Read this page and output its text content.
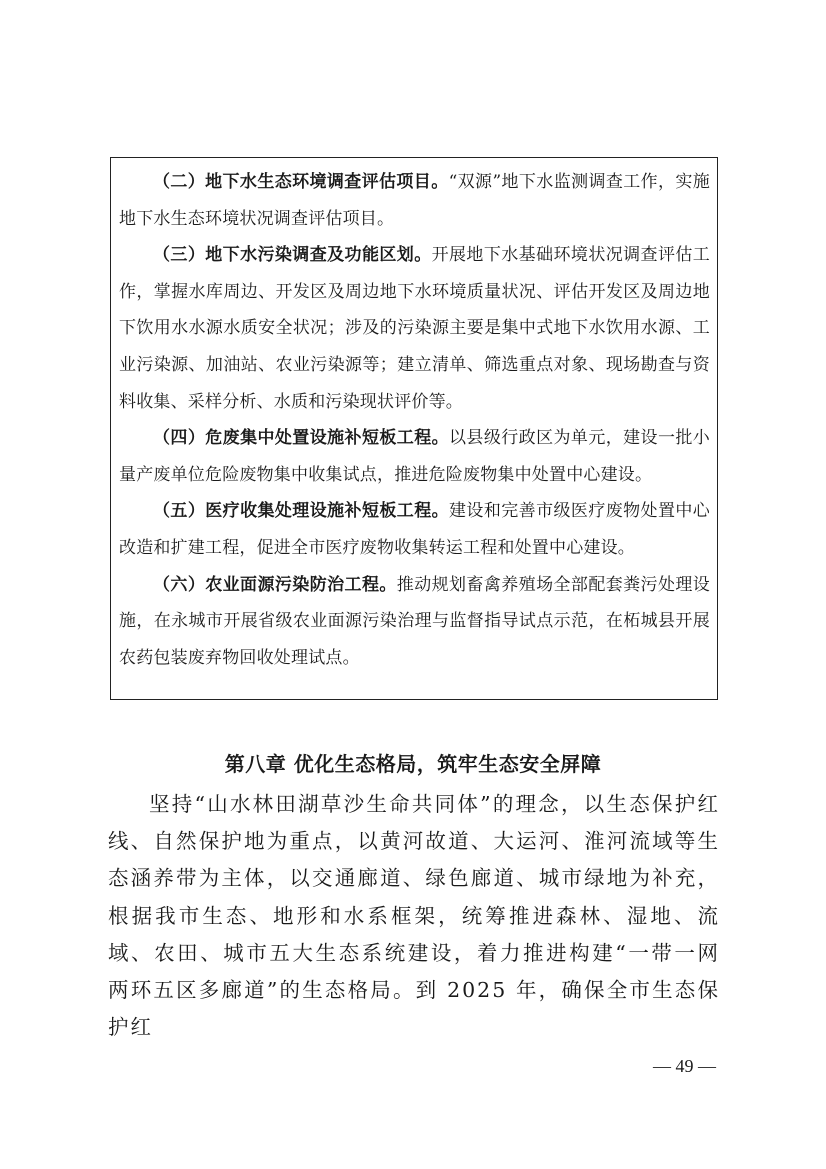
（二）地下水生态环境调查评估项目。“双源”地下水监测调查工作，实施地下水生态环境状况调查评估项目。

（三）地下水污染调查及功能区划。开展地下水基础环境状况调查评估工作，掌握水库周边、开发区及周边地下水环境质量状况、评估开发区及周边地下饮用水水源水质安全状况；涉及的污染源主要是集中式地下水饮用水源、工业污染源、加油站、农业污染源等；建立清单、筛选重点对象、现场勘查与资料收集、采样分析、水质和污染现状评价等。

（四）危废集中处置设施补短板工程。以县级行政区为单元，建设一批小量产废单位危险废物集中收集试点，推进危险废物集中处置中心建设。

（五）医疗收集处理设施补短板工程。建设和完善市级医疗废物处置中心改造和扩建工程，促进全市医疗废物收集转运工程和处置中心建设。

（六）农业面源污染防治工程。推动规划畜禽养殖场全部配套粪污处理设施，在永城市开展省级农业面源污染治理与监督指导试点示范，在柘城县开展农药包装废弃物回收处理试点。

第八章 优化生态格局，筑牢生态安全屏障

坚持“山水林田湖草沙生命共同体”的理念，以生态保护红线、自然保护地为重点，以黄河故道、大运河、淮河流域等生态涵养带为主体，以交通廊道、绿色廊道、城市绿地为补充，根据我市生态、地形和水系框架，统筹推进森林、湿地、流域、农田、城市五大生态系统建设，着力推进构建“一带一网两环五区多廊道”的生态格局。到 2025 年，确保全市生态保护红

— 49 —
